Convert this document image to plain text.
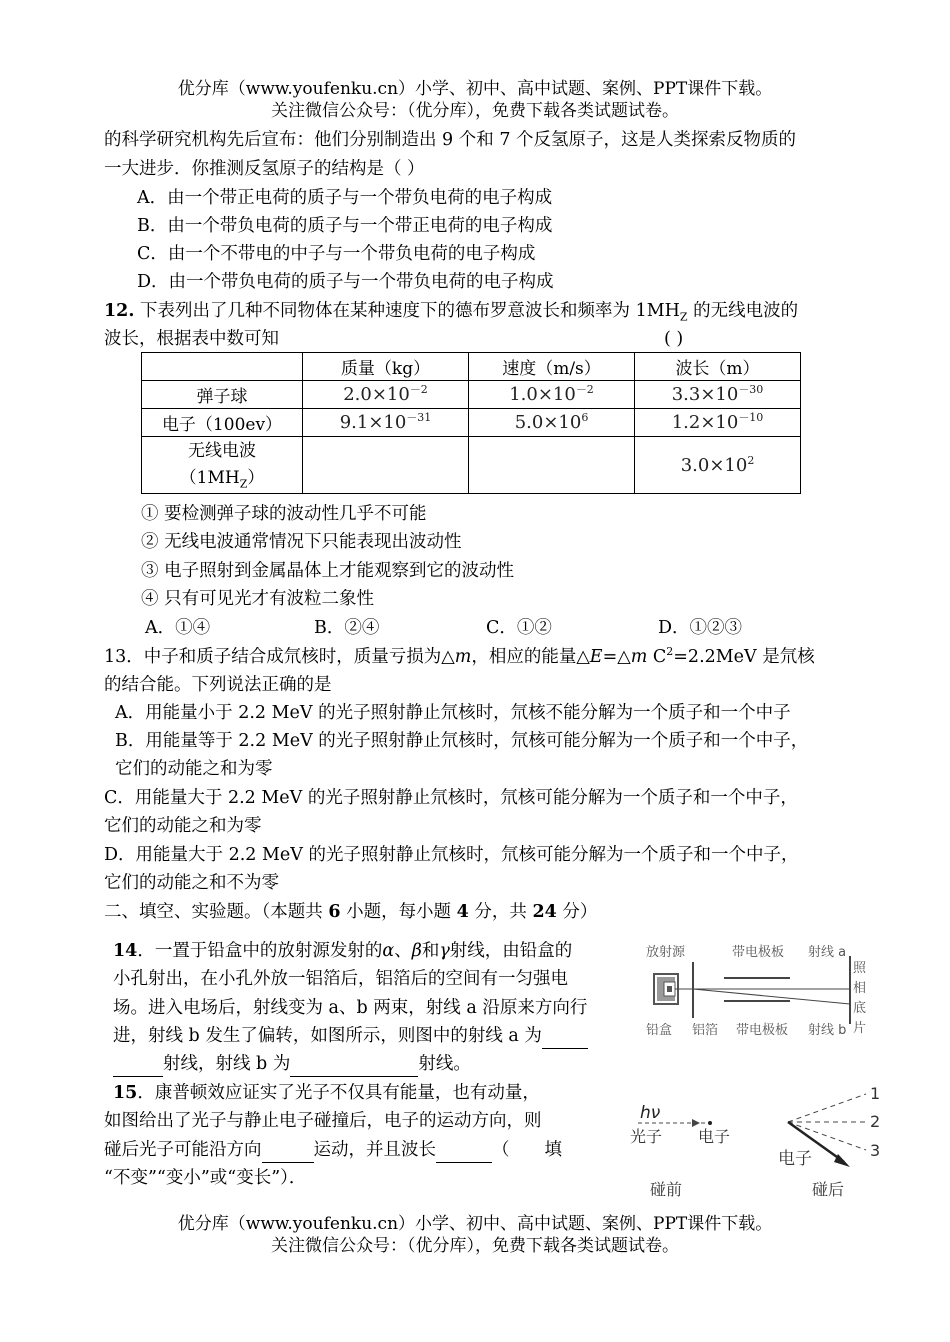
优分库（www.youfenku.cn）小学、初中、高中试题、案例、PPT课件下载。
关注微信公众号：（优分库），免费下载各类试题试卷。
的科学研究机构先后宣布：他们分别制造出 9 个和 7 个反氢原子，这是人类探索反物质的
一大进步．你推测反氢原子的结构是（ ）
A．由一个带正电荷的质子与一个带负电荷的电子构成
B．由一个带负电荷的质子与一个带正电荷的电子构成
C．由一个不带电的中子与一个带负电荷的电子构成
D．由一个带负电荷的质子与一个带负电荷的电子构成
12. 下表列出了几种不同物体在某种速度下的德布罗意波长和频率为 $1MH_Z$ 的无线电波的
波长，根据表中数可知	( )
	质量（kg）	速度（m/s）	波长（m）
弹子球	$2.0\times 10^{-2}$	$1.0\times 10^{-2}$	$3.3\times 10^{-30}$
电子（100ev）	$9.1\times 10^{-31}$	$5.0\times 10^6$	$1.2\times 10^{-10}$
无线电波
$(1MH_Z)$			$3.0\times 10^2$
① 要检测弹子球的波动性几乎不可能
② 无线电波通常情况下只能表现出波动性
③ 电子照射到金属晶体上才能观察到它的波动性
④ 只有可见光才有波粒二象性
A．①④	B．②④	C．①②	D．①②③
13．中子和质子结合成氘核时，质量亏损为△m，相应的能量△E=△m $C^2=2.2MeV$ 是氘核
的结合能。下列说法正确的是
A．用能量小于 2.2 MeV 的光子照射静止氘核时，氘核不能分解为一个质子和一个中子
B．用能量等于 2.2 MeV 的光子照射静止氘核时，氘核可能分解为一个质子和一个中子，
它们的动能之和为零
C．用能量大于 2.2 MeV 的光子照射静止氘核时，氘核可能分解为一个质子和一个中子，
它们的动能之和为零
D．用能量大于 2.2 MeV 的光子照射静止氘核时，氘核可能分解为一个质子和一个中子，
它们的动能之和不为零
二、填空、实验题。（本题共 6 小题，每小题 4 分，共 24 分）
14．一置于铅盒中的放射源发射的α、β和γ射线，由铅盒的
小孔射出，在小孔外放一铝箔后，铝箔后的空间有一匀强电
场。进入电场后，射线变为 a、b 两束，射线 a 沿原来方向行
进，射线 b 发生了偏转，如图所示，则图中的射线 a 为
射线，射线 b 为	射线。
放射源	带电极板 射线 a
铅盒 铝箔 带电极板 射线 b
照
相
底
片
15．康普顿效应证实了光子不仅具有能量，也有动量，
如图给出了光子与静止电子碰撞后，电子的运动方向，则
碰后光子可能沿方向	运动，并且波长	（　　填
“不变”“变小”或“变长”）．
hν
光子 电子
碰前
1
2
3
电子
碰后
优分库（www.youfenku.cn）小学、初中、高中试题、案例、PPT课件下载。
关注微信公众号：（优分库），免费下载各类试题试卷。
